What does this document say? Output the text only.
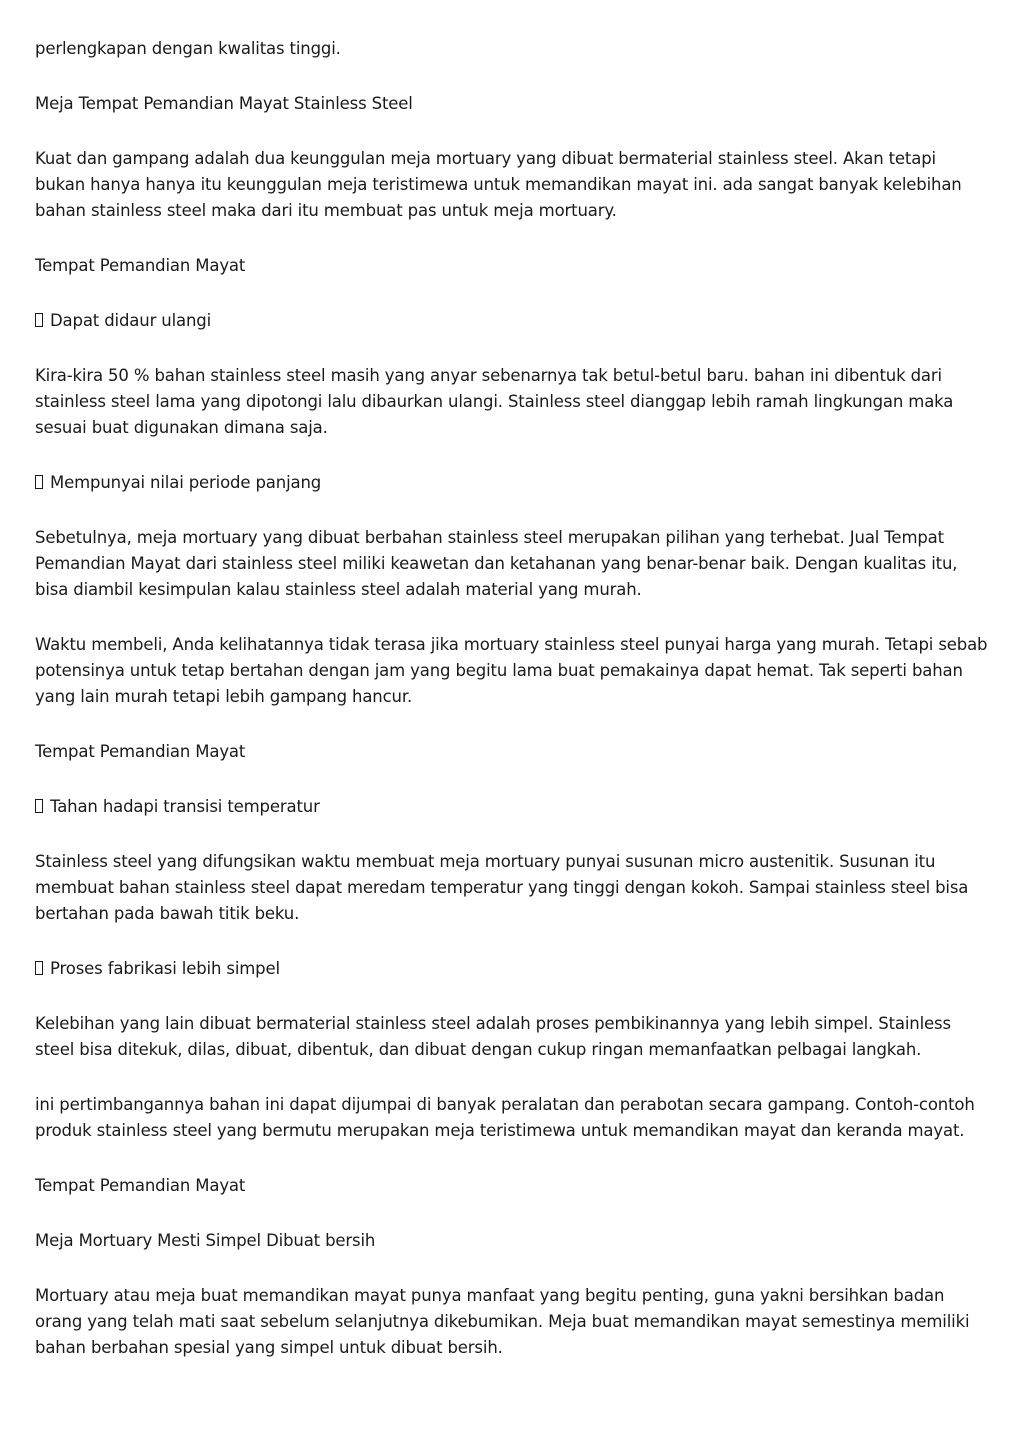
perlengkapan dengan kwalitas tinggi.

Meja Tempat Pemandian Mayat Stainless Steel

Kuat dan gampang adalah dua keunggulan meja mortuary yang dibuat bermaterial stainless steel. Akan tetapi bukan hanya hanya itu keunggulan meja teristimewa untuk memandikan mayat ini. ada sangat banyak kelebihan bahan stainless steel maka dari itu membuat pas untuk meja mortuary.

Tempat Pemandian Mayat

Dapat didaur ulangi

Kira-kira 50 % bahan stainless steel masih yang anyar sebenarnya tak betul-betul baru. bahan ini dibentuk dari stainless steel lama yang dipotongi lalu dibaurkan ulangi. Stainless steel dianggap lebih ramah lingkungan maka sesuai buat digunakan dimana saja.

Mempunyai nilai periode panjang

Sebetulnya, meja mortuary yang dibuat berbahan stainless steel merupakan pilihan yang terhebat. Jual Tempat Pemandian Mayat dari stainless steel miliki keawetan dan ketahanan yang benar-benar baik. Dengan kualitas itu, bisa diambil kesimpulan kalau stainless steel adalah material yang murah.

Waktu membeli, Anda kelihatannya tidak terasa jika mortuary stainless steel punyai harga yang murah. Tetapi sebab potensinya untuk tetap bertahan dengan jam yang begitu lama buat pemakainya dapat hemat. Tak seperti bahan yang lain murah tetapi lebih gampang hancur.

Tempat Pemandian Mayat

Tahan hadapi transisi temperatur

Stainless steel yang difungsikan waktu membuat meja mortuary punyai susunan micro austenitik. Susunan itu membuat bahan stainless steel dapat meredam temperatur yang tinggi dengan kokoh. Sampai stainless steel bisa bertahan pada bawah titik beku.

Proses fabrikasi lebih simpel

Kelebihan yang lain dibuat bermaterial stainless steel adalah proses pembikinannya yang lebih simpel. Stainless steel bisa ditekuk, dilas, dibuat, dibentuk, dan dibuat dengan cukup ringan memanfaatkan pelbagai langkah.

ini pertimbangannya bahan ini dapat dijumpai di banyak peralatan dan perabotan secara gampang. Contoh-contoh produk stainless steel yang bermutu merupakan meja teristimewa untuk memandikan mayat dan keranda mayat.

Tempat Pemandian Mayat

Meja Mortuary Mesti Simpel Dibuat bersih

Mortuary atau meja buat memandikan mayat punya manfaat yang begitu penting, guna yakni bersihkan badan orang yang telah mati saat sebelum selanjutnya dikebumikan. Meja buat memandikan mayat semestinya memiliki bahan berbahan spesial yang simpel untuk dibuat bersih.
